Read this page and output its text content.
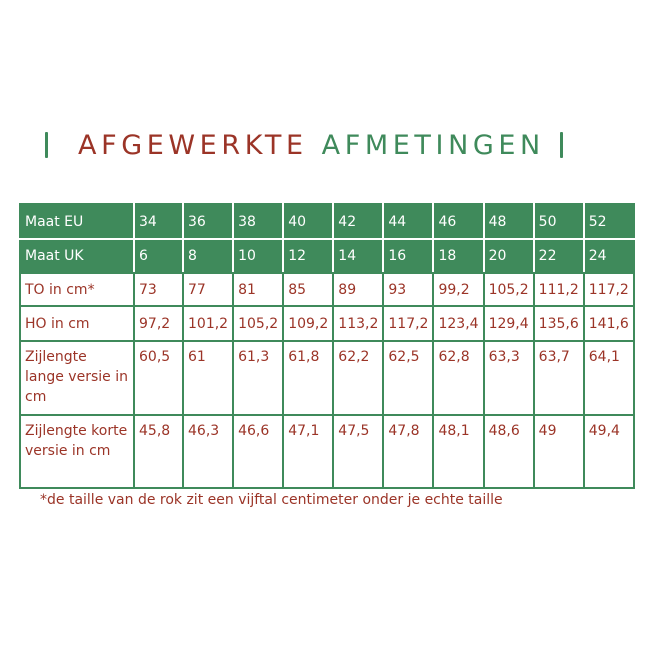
AFGEWERKTE AFMETINGEN
Maat EU	34	36	38	40	42	44	46	48	50	52
Maat UK	6	8	10	12	14	16	18	20	22	24
TO in cm*	73	77	81	85	89	93	99,2	105,2	111,2	117,2
HO in cm	97,2	101,2	105,2	109,2	113,2	117,2	123,4	129,4	135,6	141,6
Zijlengte lange versie in cm	60,5	61	61,3	61,8	62,2	62,5	62,8	63,3	63,7	64,1
Zijlengte korte versie in cm	45,8	46,3	46,6	47,1	47,5	47,8	48,1	48,6	49	49,4
*de taille van de rok zit een vijftal centimeter onder je echte taille
